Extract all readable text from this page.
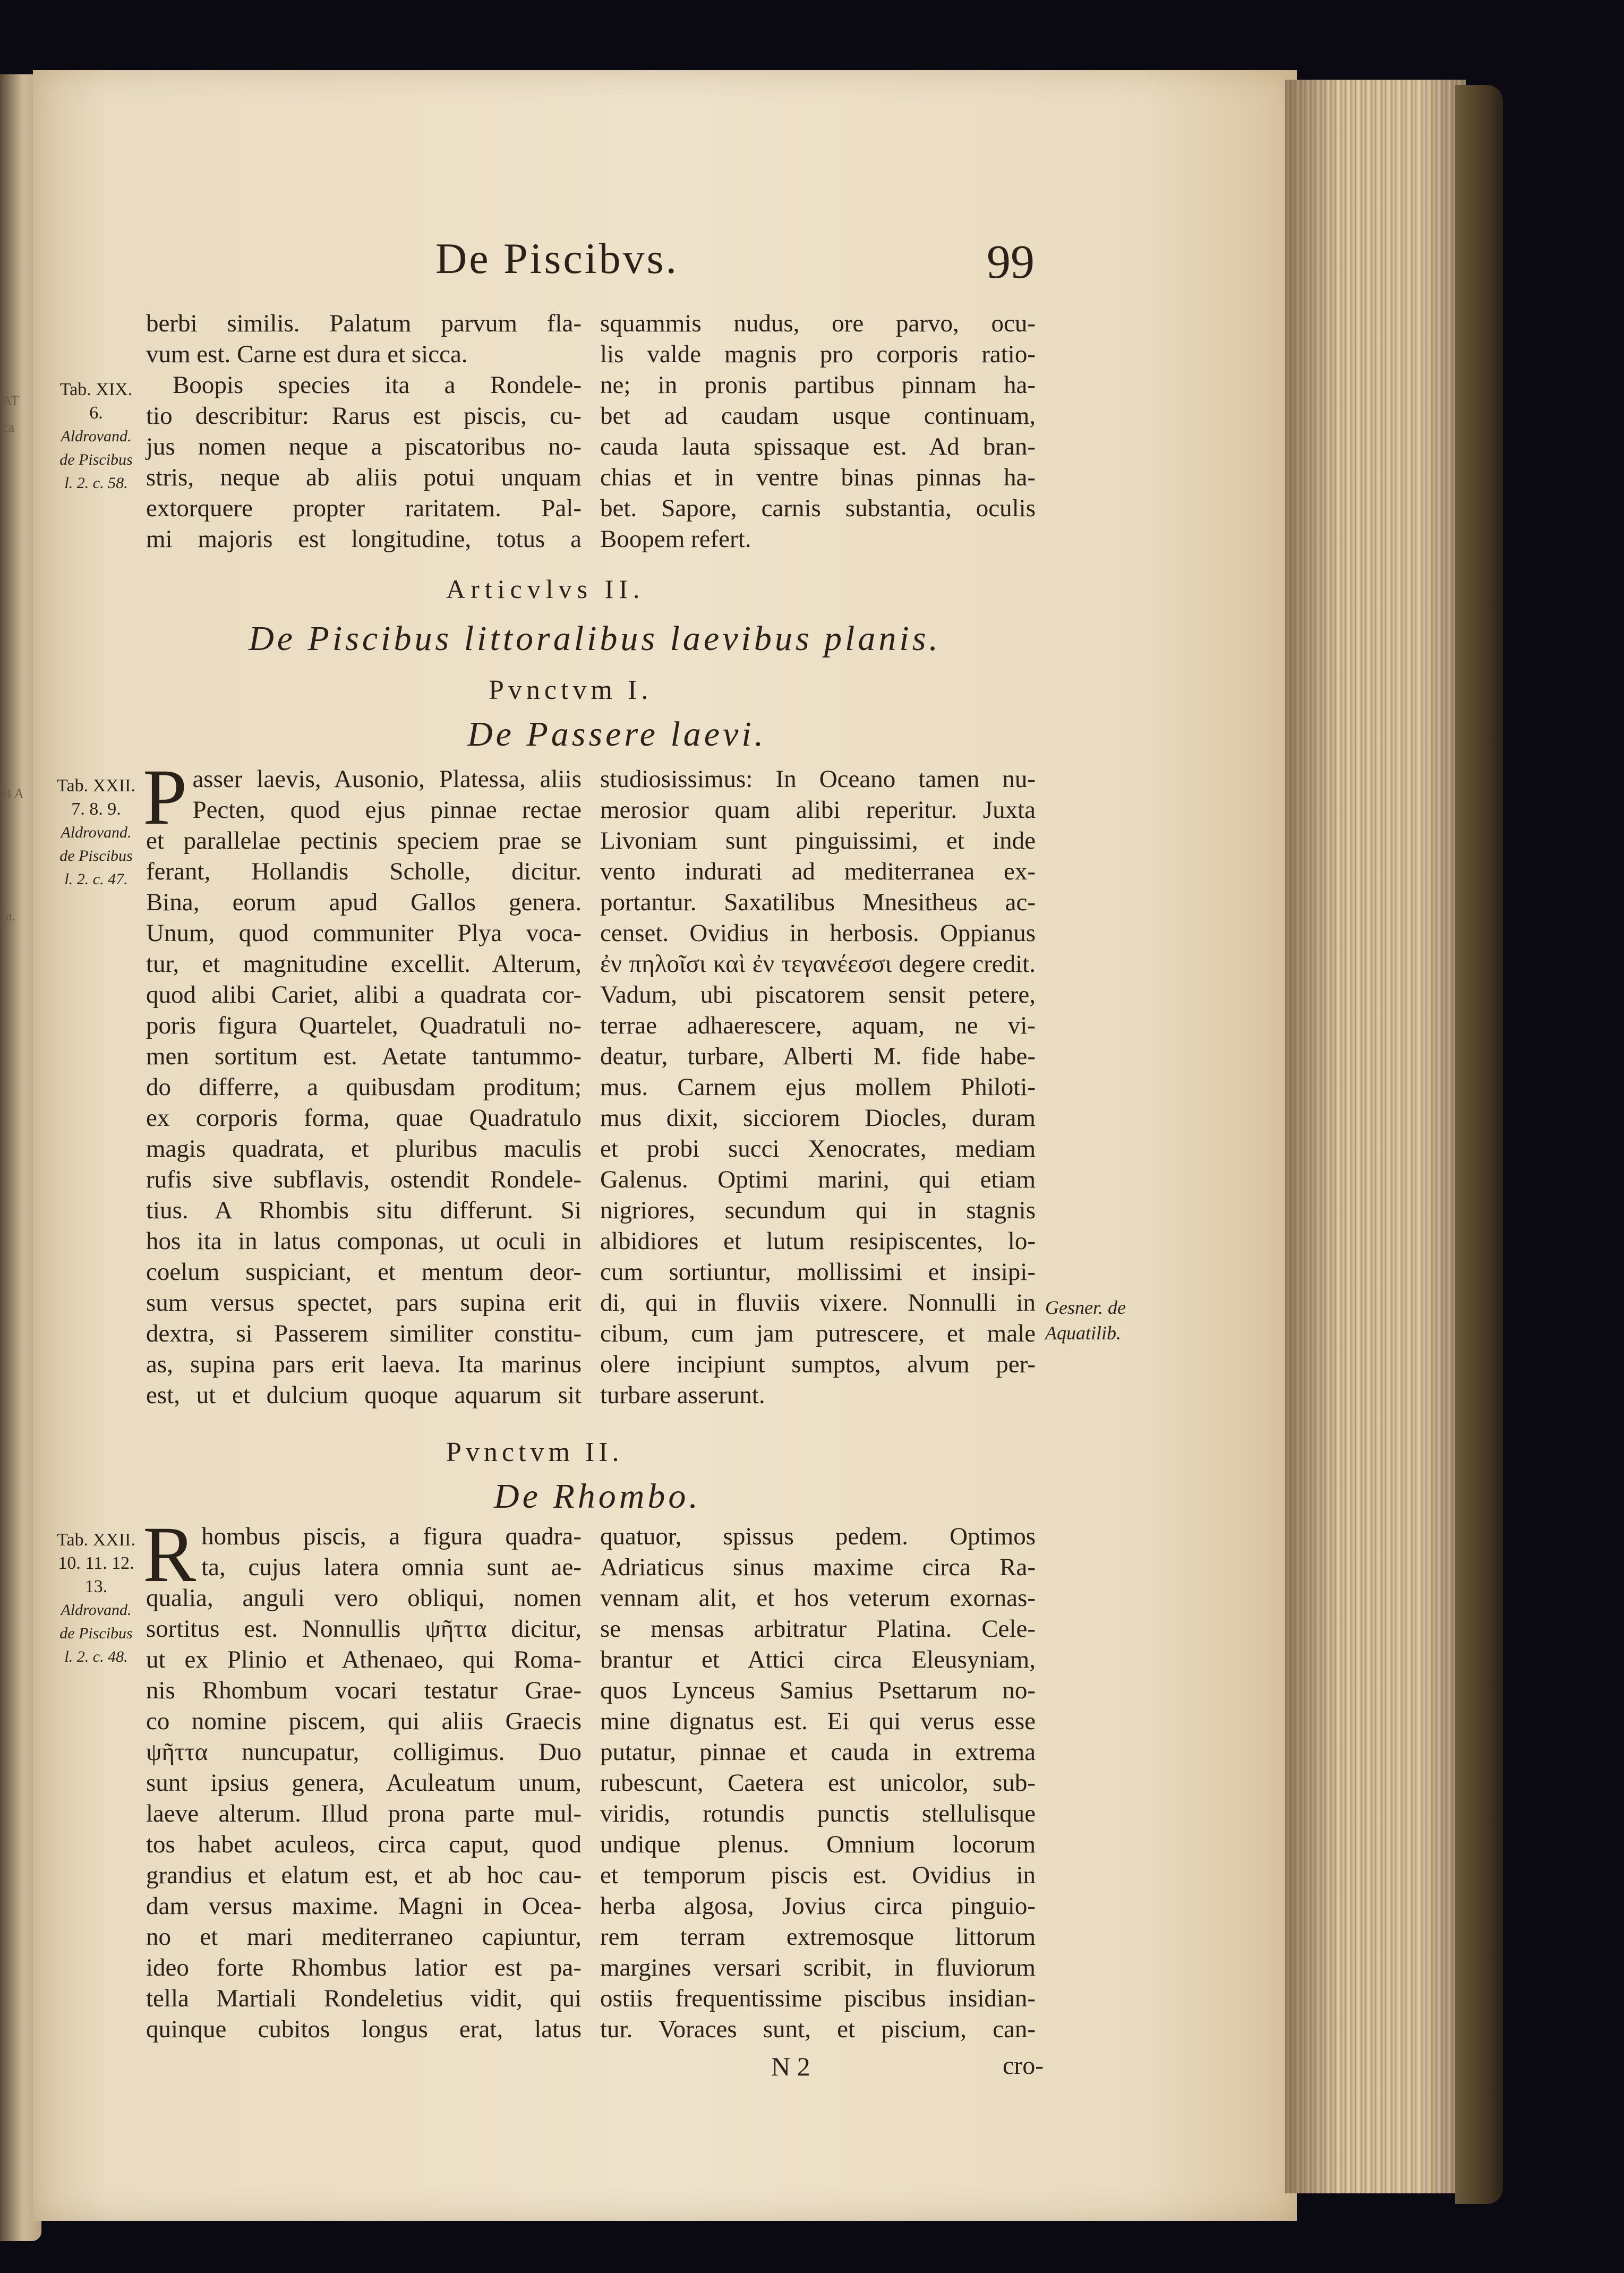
AT
ca
ta.
B A

De Piscibvs.	99
Tab. XIX.
6.
Aldrovand.
de Piscibus
l. 2. c. 58.

berbi similis. Palatum parvum fla-

vum est. Carne est dura et sicca.

Boopis species ita a Rondele-

tio describitur: Rarus est piscis, cu-

jus nomen neque a piscatoribus no-

stris, neque ab aliis potui unquam

extorquere propter raritatem. Pal-

mi majoris est longitudine, totus a

squammis nudus, ore parvo, ocu-

lis valde magnis pro corporis ratio-

ne; in pronis partibus pinnam ha-

bet ad caudam usque continuam,

cauda lauta spissaque est. Ad bran-

chias et in ventre binas pinnas ha-

bet. Sapore, carnis substantia, oculis

Boopem refert.

Articvlvs II.
De Piscibus littoralibus laevibus planis.
Pvnctvm I.
De Passere laevi.
Tab. XXII.
7. 8. 9.
Aldrovand.
de Piscibus
l. 2. c. 47.
P asser laevis, Ausonio, Platessa, aliis

Pecten, quod ejus pinnae rectae

et parallelae pectinis speciem prae se

ferant, Hollandis Scholle, dicitur.

Bina, eorum apud Gallos genera.

Unum, quod communiter Plya voca-

tur, et magnitudine excellit. Alterum,

quod alibi Cariet, alibi a quadrata cor-

poris figura Quartelet, Quadratuli no-

men sortitum est. Aetate tantummo-

do differre, a quibusdam proditum;

ex corporis forma, quae Quadratulo

magis quadrata, et pluribus maculis

rufis sive subflavis, ostendit Rondele-

tius. A Rhombis situ differunt. Si

hos ita in latus componas, ut oculi in

coelum suspiciant, et mentum deor-

sum versus spectet, pars supina erit

dextra, si Passerem similiter constitu-

as, supina pars erit laeva. Ita marinus

est, ut et dulcium quoque aquarum sit

studiosissimus: In Oceano tamen nu-

merosior quam alibi reperitur. Juxta

Livoniam sunt pinguissimi, et inde

vento indurati ad mediterranea ex-

portantur. Saxatilibus Mnesitheus ac-

censet. Ovidius in herbosis. Oppianus

ἐν πηλοῖσι καὶ ἐν τεγανέεσσι degere credit.

Vadum, ubi piscatorem sensit petere,

terrae adhaerescere, aquam, ne vi-

deatur, turbare, Alberti M. fide habe-

mus. Carnem ejus mollem Philoti-

mus dixit, sicciorem Diocles, duram

et probi succi Xenocrates, mediam

Galenus. Optimi marini, qui etiam

nigriores, secundum qui in stagnis

albidiores et lutum resipiscentes, lo-

cum sortiuntur, mollissimi et insipi-

di, qui in fluviis vixere. Nonnulli in

cibum, cum jam putrescere, et male

olere incipiunt sumptos, alvum per-

turbare asserunt.

Gesner. de
Aquatilib.
Pvnctvm II.
De Rhombo.
Tab. XXII.
10. 11. 12. 13.
Aldrovand.
de Piscibus
l. 2. c. 48.
R hombus piscis, a figura quadra-

ta, cujus latera omnia sunt ae-

qualia, anguli vero obliqui, nomen

sortitus est. Nonnullis ψῆττα dicitur,

ut ex Plinio et Athenaeo, qui Roma-

nis Rhombum vocari testatur Grae-

co nomine piscem, qui aliis Graecis

ψῆττα nuncupatur, colligimus. Duo

sunt ipsius genera, Aculeatum unum,

laeve alterum. Illud prona parte mul-

tos habet aculeos, circa caput, quod

grandius et elatum est, et ab hoc cau-

dam versus maxime. Magni in Ocea-

no et mari mediterraneo capiuntur,

ideo forte Rhombus latior est pa-

tella Martiali Rondeletius vidit, qui

quinque cubitos longus erat, latus

quatuor, spissus pedem. Optimos

Adriaticus sinus maxime circa Ra-

vennam alit, et hos veterum exornas-

se mensas arbitratur Platina. Cele-

brantur et Attici circa Eleusyniam,

quos Lynceus Samius Psettarum no-

mine dignatus est. Ei qui verus esse

putatur, pinnae et cauda in extrema

rubescunt, Caetera est unicolor, sub-

viridis, rotundis punctis stellulisque

undique plenus. Omnium locorum

et temporum piscis est. Ovidius in

herba algosa, Jovius circa pinguio-

rem terram extremosque littorum

margines versari scribit, in fluviorum

ostiis frequentissime piscibus insidian-

tur. Voraces sunt, et piscium, can-

N 2	cro-
